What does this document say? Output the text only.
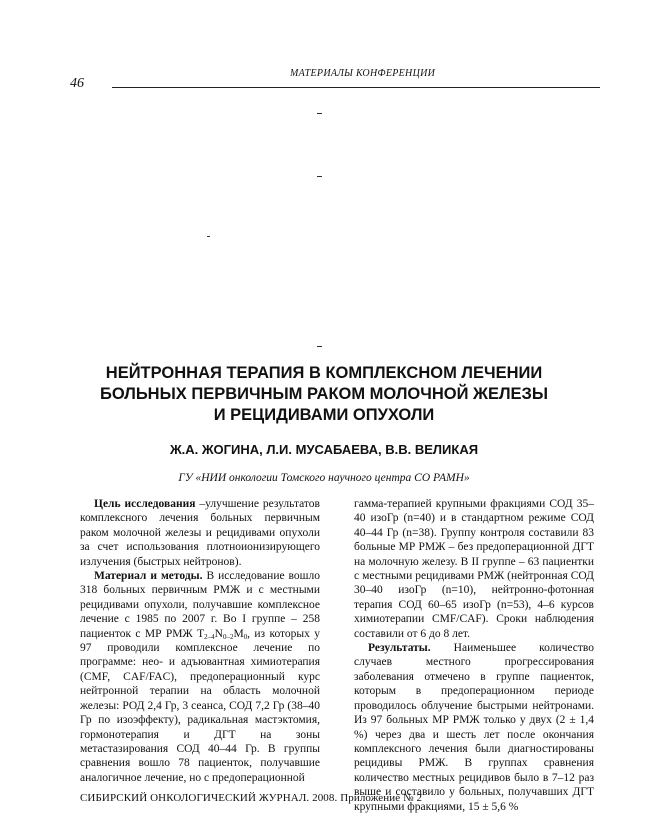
МАТЕРИАЛЫ КОНФЕРЕНЦИИ
46
НЕЙТРОННАЯ ТЕРАПИЯ В КОМПЛЕКСНОМ ЛЕЧЕНИИ
БОЛЬНЫХ ПЕРВИЧНЫМ РАКОМ МОЛОЧНОЙ ЖЕЛЕЗЫ
И РЕЦИДИВАМИ ОПУХОЛИ
Ж.А. ЖОГИНА, Л.И. МУСАБАЕВА, В.В. ВЕЛИКАЯ
ГУ «НИИ онкологии Томского научного центра СО РАМН»

Цель исследования –улучшение результатов комплексного лечения больных первичным раком молочной железы и рецидивами опухоли за счет использования плотноионизирующего излучения (быстрых нейтронов).

Материал и методы. В исследование вошло 318 больных первичным РМЖ и с местными рецидивами опухоли, получавшие комплексное лечение с 1985 по 2007 г. Во I группе – 258 пациенток с МР РМЖ $T_{2-4}N_{0-2}M_0$, из которых у 97 проводили комплексное лечение по программе: нео- и адъювантная химиотерапия (CMF, CAF/FAC), предоперационный курс нейтронной терапии на область молочной железы: РОД 2,4 Гр, 3 сеанса, СОД 7,2 Гр (38–40 Гр по изоэффекту), радикальная мастэктомия, гормонотерапия и ДГТ на зоны метастазирования СОД 40–44 Гр. В группы сравнения вошло 78 пациенток, получавшие аналогичное лечение, но с предоперационной

гамма-терапией крупными фракциями СОД 35–40 изоГр (n=40) и в стандартном режиме СОД 40–44 Гр (n=38). Группу контроля составили 83 больные МР РМЖ – без предоперационной ДГТ на молочную железу. В II группе – 63 пациентки с местными рецидивами РМЖ (нейтронная СОД 30–40 изоГр (n=10), нейтронно-фотонная терапия СОД 60–65 изоГр (n=53), 4–6 курсов химиотерапии CMF/CAF). Сроки наблюдения составили от 6 до 8 лет.

Результаты. Наименьшее количество случаев местного прогрессирования заболевания отмечено в группе пациенток, которым в предоперационном периоде проводилось облучение быстрыми нейтронами. Из 97 больных МР РМЖ только у двух (2 ± 1,4 %) через два и шесть лет после окончания комплексного лечения были диагностированы рецидивы РМЖ. В группах сравнения количество местных рецидивов было в 7–12 раз выше и составило у больных, получавших ДГТ крупными фракциями, 15 ± 5,6 %

СИБИРСКИЙ ОНКОЛОГИЧЕСКИЙ ЖУРНАЛ. 2008. Приложение № 2
